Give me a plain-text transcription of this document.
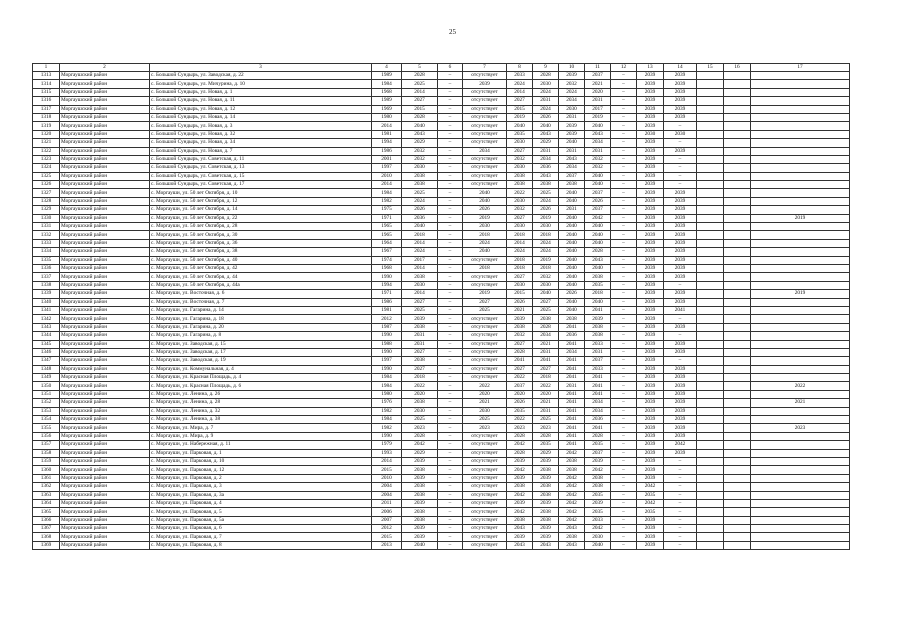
25
1	2	3	4	5	6	7	8	9	10	11	12	13	14	15	16	17
1313	Моргаушский район	с. Большой Сундырь, ул. Заводская, д. 22	1989	2028	–	отсутствует	2033	2028	2039	2037	–	2039	2039			
1314	Моргаушский район	с. Большой Сундырь, ул. Мичурина, д. 10	1984	2025	–	2039	2024	2030	2032	2021	–	2039	2039			
1315	Моргаушский район	с. Большой Сундырь, ул. Новая, д. 1	1968	2014	–	отсутствует	2014	2024	2024	2020	–	2039	2039			
1316	Моргаушский район	с. Большой Сундырь, ул. Новая, д. 11	1989	2027	–	отсутствует	2027	2031	2034	2031	–	2039	2039			
1317	Моргаушский район	с. Большой Сундырь, ул. Новая, д. 12	1969	2015	–	отсутствует	2015	2024	2030	2017	–	2039	2039			
1318	Моргаушский район	с. Большой Сундырь, ул. Новая, д. 14	1980	2028	–	отсутствует	2019	2026	2031	2019	–	2039	2039			
1319	Моргаушский район	с. Большой Сундырь, ул. Новая, д. 3	2014	2040	–	отсутствует	2040	2040	2039	2040	–	2039	–			
1320	Моргаушский район	с. Большой Сундырь, ул. Новая, д. 32	1981	2043	–	отсутствует	2035	2043	2039	2043	–	2030	2030			
1321	Моргаушский район	с. Большой Сундырь, ул. Новая, д. 34	1994	2029	–	отсутствует	2030	2029	2040	2034	–	2039	–			
1322	Моргаушский район	с. Большой Сундырь, ул. Новая, д. 7	1986	2032	–	2034	2027	2031	2031	2031	–	2039	2039			
1323	Моргаушский район	с. Большой Сундырь, ул. Советская, д. 11	2001	2032	–	отсутствует	2032	2034	2043	2032	–	2039	–			
1324	Моргаушский район	с. Большой Сундырь, ул. Советская, д. 13	1997	2030	–	отсутствует	2030	2036	2034	2032	–	2039	–			
1325	Моргаушский район	с. Большой Сундырь, ул. Советская, д. 15	2010	2038	–	отсутствует	2038	2043	2037	2040	–	2039	–			
1326	Моргаушский район	с. Большой Сундырь, ул. Советская, д. 17	2014	2038	–	отсутствует	2038	2038	2038	2040	–	2039	–			
1327	Моргаушский район	с. Моргауши, ул. 50 лет Октября, д. 10	1984	2025	–	2040	2022	2025	2040	2037	–	2039	2039			
1328	Моргаушский район	с. Моргауши, ул. 50 лет Октября, д. 12	1982	2024	–	2040	2030	2024	2040	2026	–	2039	2039			
1329	Моргаушский район	с. Моргауши, ул. 50 лет Октября, д. 14	1975	2026	–	2026	2032	2026	2031	2037	–	2039	2039			
1330	Моргаушский район	с. Моргауши, ул. 50 лет Октября, д. 22	1971	2036	–	2019	2027	2019	2040	2042	–	2039	2039			2019
1331	Моргаушский район	с. Моргауши, ул. 50 лет Октября, д. 28	1965	2040	–	2030	2030	2030	2040	2040	–	2039	2039			
1332	Моргаушский район	с. Моргауши, ул. 50 лет Октября, д. 30	1965	2018	–	2018	2018	2018	2040	2040	–	2039	2039			
1333	Моргаушский район	с. Моргауши, ул. 50 лет Октября, д. 36	1964	2014	–	2024	2014	2024	2040	2040	–	2039	2039			
1334	Моргаушский район	с. Моргауши, ул. 50 лет Октября, д. 38	1967	2024	–	2040	2024	2024	2040	2028	–	2039	2039			
1335	Моргаушский район	с. Моргауши, ул. 50 лет Октября, д. 40	1974	2017	–	отсутствует	2018	2019	2040	2043	–	2039	2039			
1336	Моргаушский район	с. Моргауши, ул. 50 лет Октября, д. 42	1968	2014	–	2018	2018	2018	2040	2040	–	2039	2039			
1337	Моргаушский район	с. Моргауши, ул. 50 лет Октября, д. 44	1990	2038	–	отсутствует	2027	2032	2040	2038	–	2039	2039			
1338	Моргаушский район	с. Моргауши, ул. 50 лет Октября, д. 44а	1994	2030	–	отсутствует	2030	2030	2040	2035	–	2039	–			
1339	Моргаушский район	с. Моргауши, ул. Восточная, д. 6	1971	2014	–	2019	2015	2040	2026	2018	–	2039	2039			2019
1340	Моргаушский район	с. Моргауши, ул. Восточная, д. 7	1986	2027	–	2027	2026	2027	2040	2040	–	2039	2039			
1341	Моргаушский район	с. Моргауши, ул. Гагарина, д. 14	1981	2025	–	2025	2021	2025	2040	2041	–	2039	2041			
1342	Моргаушский район	с. Моргауши, ул. Гагарина, д. 18	2012	2039	–	отсутствует	2039	2038	2038	2039	–	2039	–			
1343	Моргаушский район	с. Моргауши, ул. Гагарина, д. 20	1987	2038	–	отсутствует	2038	2028	2041	2038	–	2039	2039			
1344	Моргаушский район	с. Моргауши, ул. Гагарина, д. 8	1990	2031	–	отсутствует	2032	2034	2036	2038	–	2039	–			
1345	Моргаушский район	с. Моргауши, ул. Заводская, д. 15	1988	2031	–	отсутствует	2027	2021	2041	2033	–	2039	2039			
1346	Моргаушский район	с. Моргауши, ул. Заводская, д. 17	1990	2027	–	отсутствует	2028	2031	2034	2031	–	2039	2039			
1347	Моргаушский район	с. Моргауши, ул. Заводская, д. 19	1997	2038	–	отсутствует	2041	2041	2041	2037	–	2039	–			
1348	Моргаушский район	с. Моргауши, ул. Коммунальная, д. 4	1990	2027	–	отсутствует	2027	2027	2041	2033	–	2039	2039			
1349	Моргаушский район	с. Моргауши, ул. Красная Площадь, д. 4	1984	2018	–	отсутствует	2022	2018	2041	2041	–	2039	2039			
1350	Моргаушский район	с. Моргауши, ул. Красная Площадь, д. 6	1984	2022	–	2022	2037	2022	2031	2041	–	2039	2039			2022
1351	Моргаушский район	с. Моргауши, ул. Ленина, д. 26	1980	2020	–	2020	2020	2020	2041	2041	–	2039	2039			
1352	Моргаушский район	с. Моргауши, ул. Ленина, д. 28	1976	2038	–	2021	2026	2021	2041	2034	–	2039	2039			2021
1353	Моргаушский район	с. Моргауши, ул. Ленина, д. 32	1982	2030	–	2030	2035	2031	2041	2034	–	2039	2039			
1354	Моргаушский район	с. Моргауши, ул. Ленина, д. 38	1984	2025	–	2025	2022	2025	2041	2036	–	2039	2039			
1355	Моргаушский район	с. Моргауши, ул. Мира, д. 7	1982	2023	–	2023	2023	2023	2041	2041	–	2039	2039			2023
1356	Моргаушский район	с. Моргауши, ул. Мира, д. 9	1990	2028	–	отсутствует	2028	2028	2041	2028	–	2039	2039			
1357	Моргаушский район	с. Моргауши, ул. Набережная, д. 11	1979	2042	–	отсутствует	2042	2035	2041	2035	–	2039	2042			
1358	Моргаушский район	с. Моргауши, ул. Парковая, д. 1	1993	2029	–	отсутствует	2028	2029	2042	2037	–	2039	2039			
1359	Моргаушский район	с. Моргауши, ул. Парковая, д. 10	2014	2039	–	отсутствует	2039	2039	2038	2039	–	2039	–			
1360	Моргаушский район	с. Моргауши, ул. Парковая, д. 12	2015	2038	–	отсутствует	2042	2038	2038	2042	–	2039	–			
1361	Моргаушский район	с. Моргауши, ул. Парковая, д. 2	2010	2039	–	отсутствует	2039	2039	2042	2038	–	2039	–			
1362	Моргаушский район	с. Моргауши, ул. Парковая, д. 3	2004	2038	–	отсутствует	2038	2038	2042	2038	–	2042	–			
1363	Моргаушский район	с. Моргауши, ул. Парковая, д. 3а	2004	2038	–	отсутствует	2042	2038	2042	2035	–	2035	–			
1364	Моргаушский район	с. Моргауши, ул. Парковая, д. 4	2011	2039	–	отсутствует	2039	2039	2042	2039	–	2042	–			
1365	Моргаушский район	с. Моргауши, ул. Парковая, д. 5	2006	2038	–	отсутствует	2042	2038	2042	2035	–	2035	–			
1366	Моргаушский район	с. Моргауши, ул. Парковая, д. 5а	2007	2038	–	отсутствует	2038	2038	2042	2033	–	2039	–			
1367	Моргаушский район	с. Моргауши, ул. Парковая, д. 6	2012	2039	–	отсутствует	2043	2039	2043	2042	–	2039	–			
1368	Моргаушский район	с. Моргауши, ул. Парковая, д. 7	2015	2039	–	отсутствует	2039	2039	2038	2030	–	2039	–			
1369	Моргаушский район	с. Моргауши, ул. Парковая, д. 8	2013	2040	–	отсутствует	2043	2043	2043	2040	–	2039	–			
